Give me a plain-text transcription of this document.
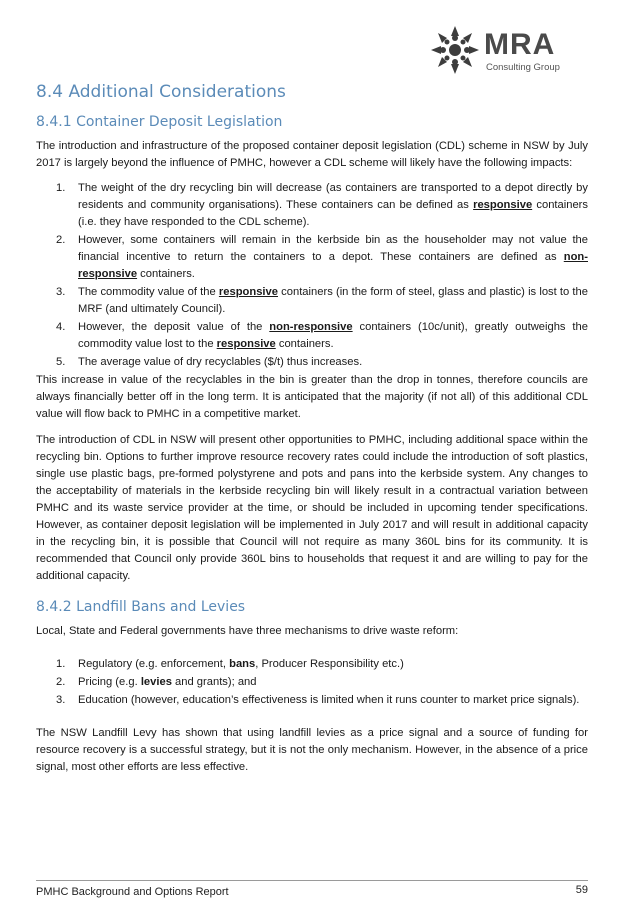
MRA
Consulting Group
8.4 Additional Considerations
8.4.1 Container Deposit Legislation

The introduction and infrastructure of the proposed container deposit legislation (CDL) scheme in NSW by July 2017 is largely beyond the influence of PMHC, however a CDL scheme will likely have the following impacts:

1. The weight of the dry recycling bin will decrease (as containers are transported to a depot directly by residents and community organisations). These containers can be defined as responsive containers (i.e. they have responded to the CDL scheme).
2. However, some containers will remain in the kerbside bin as the householder may not value the financial incentive to return the containers to a depot. These containers are defined as non-responsive containers.
3. The commodity value of the responsive containers (in the form of steel, glass and plastic) is lost to the MRF (and ultimately Council).
4. However, the deposit value of the non-responsive containers (10c/unit), greatly outweighs the commodity value lost to the responsive containers.
5. The average value of dry recyclables ($/t) thus increases.

This increase in value of the recyclables in the bin is greater than the drop in tonnes, therefore councils are always financially better off in the long term. It is anticipated that the majority (if not all) of this additional CDL value will flow back to PMHC in a competitive market.

The introduction of CDL in NSW will present other opportunities to PMHC, including additional space within the recycling bin. Options to further improve resource recovery rates could include the introduction of soft plastics, single use plastic bags, pre-formed polystyrene and pots and pans into the kerbside system. Any changes to the acceptability of materials in the kerbside recycling bin will likely result in a contractual variation between PMHC and its waste service provider at the time, or should be included in upcoming tender specifications. However, as container deposit legislation will be implemented in July 2017 and will result in additional capacity in the recycling bin, it is possible that Council will not require as many 360L bins for its community. It is recommended that Council only provide 360L bins to households that request it and are willing to pay for the additional capacity.

8.4.2 Landfill Bans and Levies

Local, State and Federal governments have three mechanisms to drive waste reform:

1. Regulatory (e.g. enforcement, bans, Producer Responsibility etc.)
2. Pricing (e.g. levies and grants); and
3. Education (however, education’s effectiveness is limited when it runs counter to market price signals).

The NSW Landfill Levy has shown that using landfill levies as a price signal and a source of funding for resource recovery is a successful strategy, but it is not the only mechanism. However, in the absence of a price signal, most other efforts are less effective.

PMHC Background and Options Report	59
